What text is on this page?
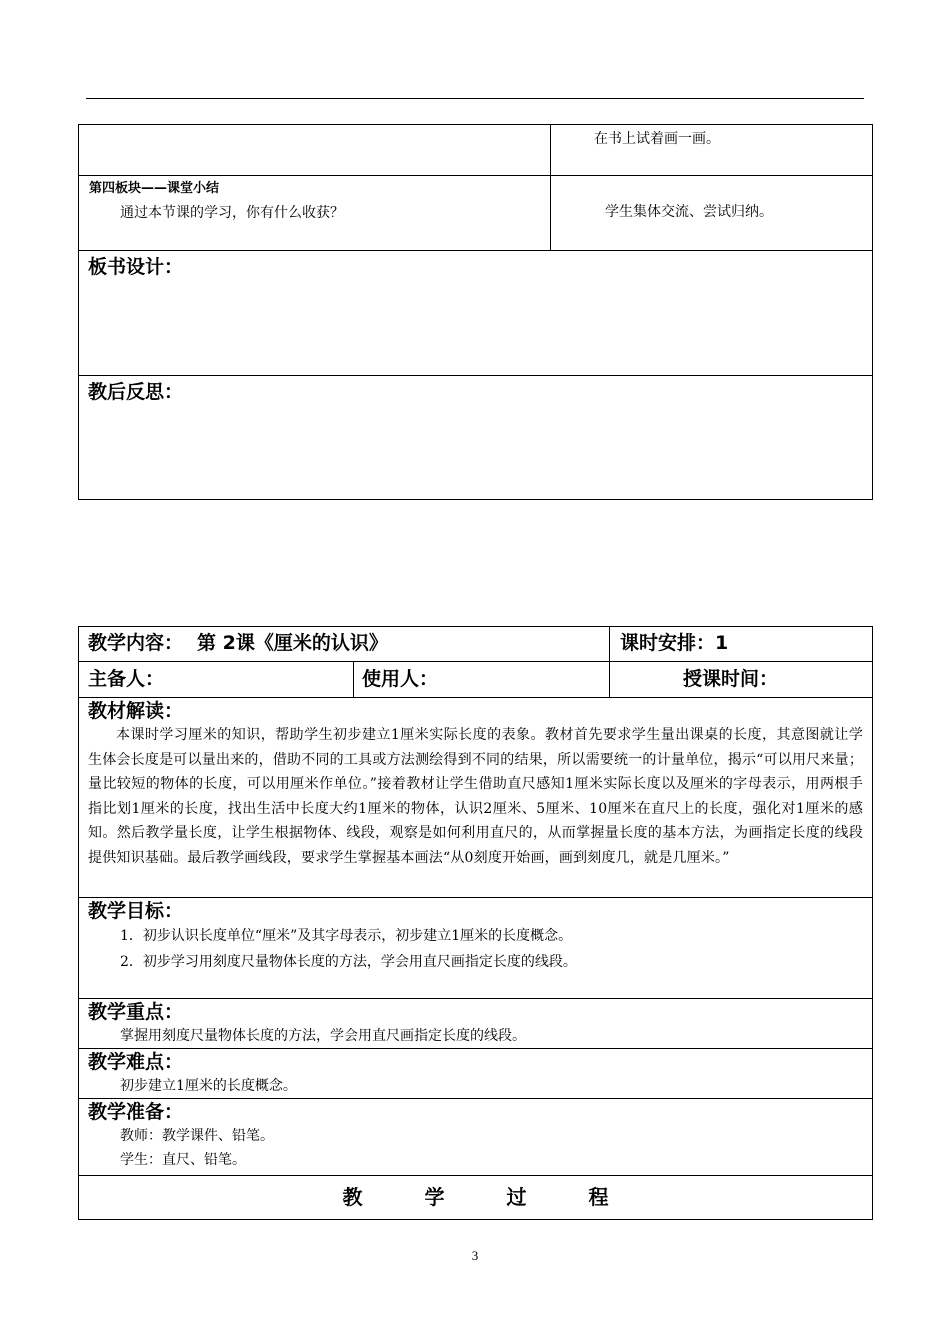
	在书上试着画一画。

第四板块——课堂小结
通过本节课的学习，你有什么收获？	学生集体交流、尝试归纳。

板书设计：	

教后反思：	
教学内容： 第 2课《厘米的认识》		课时安排：1

主备人：	使用人：	授课时间：

教材解读：

本课时学习厘米的知识，帮助学生初步建立1厘米实际长度的表象。教材首先要求学生量出课桌的长度，其意图就让学生体会长度是可以量出来的，借助不同的工具或方法测绘得到不同的结果，所以需要统一的计量单位，揭示“可以用尺来量；量比较短的物体的长度，可以用厘米作单位。”接着教材让学生借助直尺感知1厘米实际长度以及厘米的字母表示，用两根手指比划1厘米的长度，找出生活中长度大约1厘米的物体，认识2厘米、5厘米、10厘米在直尺上的长度，强化对1厘米的感知。然后教学量长度，让学生根据物体、线段，观察是如何利用直尺的，从而掌握量长度的基本方法，为画指定长度的线段提供知识基础。最后教学画线段，要求学生掌握基本画法“从0刻度开始画，画到刻度几，就是几厘米。”		

教学目标：

1．初步认识长度单位“厘米”及其字母表示，初步建立1厘米的长度概念。

2．初步学习用刻度尺量物体长度的方法，学会用直尺画指定长度的线段。		

教学重点：

掌握用刻度尺量物体长度的方法，学会用直尺画指定长度的线段。		

教学难点：

初步建立1厘米的长度概念。		

教学准备：

教师：教学课件、铅笔。

学生：直尺、铅笔。		

教学过程		
3
